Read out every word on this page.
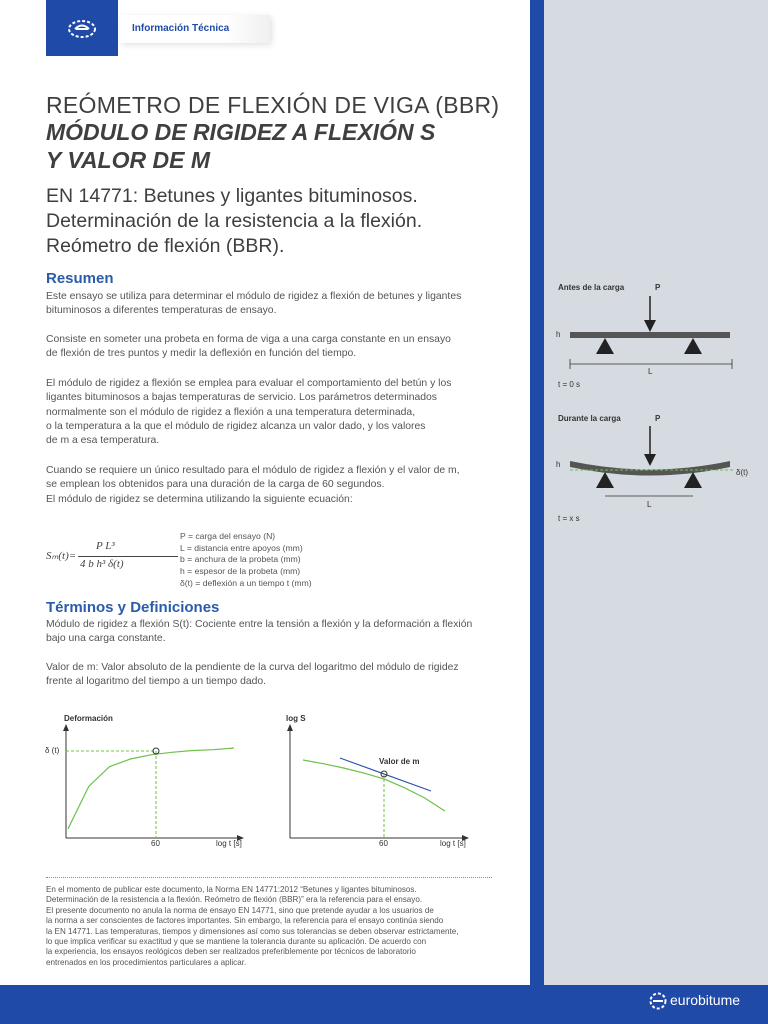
Información Técnica
REÓMETRO DE FLEXIÓN DE VIGA (BBR)
MÓDULO DE RIGIDEZ A FLEXIÓN S
Y VALOR DE M
EN 14771: Betunes y ligantes bituminosos.
Determinación de la resistencia a la flexión.
Reómetro de flexión (BBR).
Resumen
Este ensayo se utiliza para determinar el módulo de rigidez a flexión de betunes y ligantes
bituminosos a diferentes temperaturas de ensayo.
Consiste en someter una probeta en forma de viga a una carga constante en un ensayo
de flexión de tres puntos y medir la deflexión en función del tiempo.
El módulo de rigidez a flexión se emplea para evaluar el comportamiento del betún y los
ligantes bituminosos a bajas temperaturas de servicio. Los parámetros determinados
normalmente son el módulo de rigidez a flexión a una temperatura determinada,
o la temperatura a la que el módulo de rigidez alcanza un valor dado, y los valores
de m a esa temperatura.
Cuando se requiere un único resultado para el módulo de rigidez a flexión y el valor de m,
se emplean los obtenidos para una duración de la carga de 60 segundos.
El módulo de rigidez se determina utilizando la siguiente ecuación:
Sₘ(t)=
P L³
4 b h³ δ(t)
P = carga del ensayo (N)
L = distancia entre apoyos (mm)
b = anchura de la probeta (mm)
h = espesor de la probeta (mm)
δ(t) = deflexión a un tiempo t (mm)
Términos y Definiciones
Módulo de rigidez a flexión S(t): Cociente entre la tensión a flexión y la deformación a flexión
bajo una carga constante.
Valor de m: Valor absoluto de la pendiente de la curva del logaritmo del módulo de rigidez
frente al logaritmo del tiempo a un tiempo dado.
Deformación
δ (t)
60	log t [s]
log S
Valor de m
60	log t [s]
Antes de la carga	P
h
L
t = 0 s
Durante la carga	P
h
δ(t)
L
t = x s
En el momento de publicar este documento, la Norma EN 14771:2012 “Betunes y ligantes bituminosos.
Determinación de la resistencia a la flexión. Reómetro de flexión (BBR)” era la referencia para el ensayo.
El presente documento no anula la norma de ensayo EN 14771, sino que pretende ayudar a los usuarios de
la norma a ser conscientes de factores importantes. Sin embargo, la referencia para el ensayo continúa siendo
la EN 14771. Las temperaturas, tiempos y dimensiones así como sus tolerancias se deben observar estrictamente,
lo que implica verificar su exactitud y que se mantiene la tolerancia durante su aplicación. De acuerdo con
la experiencia, los ensayos reológicos deben ser realizados preferiblemente por técnicos de laboratorio
entrenados en los procedimientos particulares a aplicar.
eurobitume
